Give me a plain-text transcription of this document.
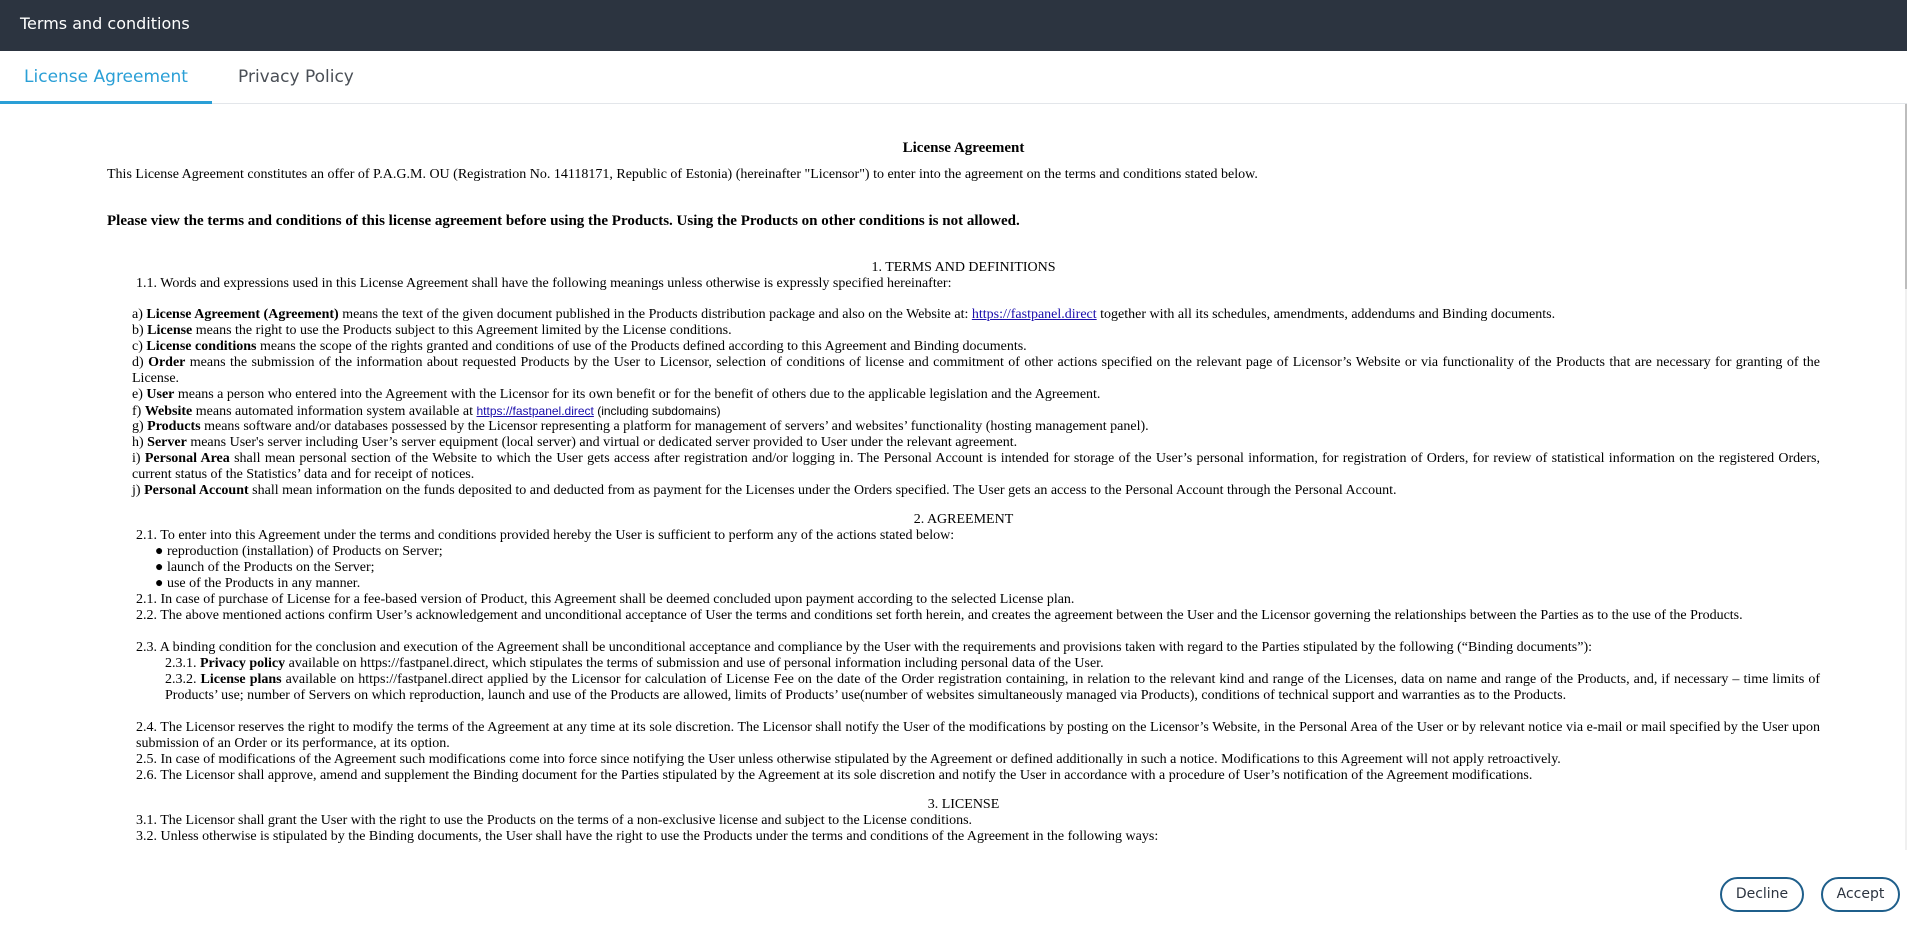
Terms and conditions
License Agreement	Privacy Policy
License Agreement
This License Agreement constitutes an offer of P.A.G.M. OU (Registration No. 14118171, Republic of Estonia) (hereinafter "Licensor") to enter into the agreement on the terms and conditions stated below.
Please view the terms and conditions of this license agreement before using the Products. Using the Products on other conditions is not allowed.
1. TERMS AND DEFINITIONS
1.1. Words and expressions used in this License Agreement shall have the following meanings unless otherwise is expressly specified hereinafter:
a) License Agreement (Agreement) means the text of the given document published in the Products distribution package and also on the Website at: https://fastpanel.direct together with all its schedules, amendments, addendums and Binding documents.
b) License means the right to use the Products subject to this Agreement limited by the License conditions.
c) License conditions means the scope of the rights granted and conditions of use of the Products defined according to this Agreement and Binding documents.
d) Order means the submission of the information about requested Products by the User to Licensor, selection of conditions of license and commitment of other actions specified on the relevant page of Licensor’s Website or via functionality of the Products that are necessary for granting of the License.
e) User means a person who entered into the Agreement with the Licensor for its own benefit or for the benefit of others due to the applicable legislation and the Agreement.
f) Website means automated information system available at https://fastpanel.direct (including subdomains)
g) Products means software and/or databases possessed by the Licensor representing a platform for management of servers’ and websites’ functionality (hosting management panel).
h) Server means User's server including User’s server equipment (local server) and virtual or dedicated server provided to User under the relevant agreement.
i) Personal Area shall mean personal section of the Website to which the User gets access after registration and/or logging in. The Personal Account is intended for storage of the User’s personal information, for registration of Orders, for review of statistical information on the registered Orders, current status of the Statistics’ data and for receipt of notices.
j) Personal Account shall mean information on the funds deposited to and deducted from as payment for the Licenses under the Orders specified. The User gets an access to the Personal Account through the Personal Account.
2. AGREEMENT
2.1. To enter into this Agreement under the terms and conditions provided hereby the User is sufficient to perform any of the actions stated below:
● reproduction (installation) of Products on Server;
● launch of the Products on the Server;
● use of the Products in any manner.
2.1. In case of purchase of License for a fee-based version of Product, this Agreement shall be deemed concluded upon payment according to the selected License plan.
2.2. The above mentioned actions confirm User’s acknowledgement and unconditional acceptance of User the terms and conditions set forth herein, and creates the agreement between the User and the Licensor governing the relationships between the Parties as to the use of the Products.
2.3. A binding condition for the conclusion and execution of the Agreement shall be unconditional acceptance and compliance by the User with the requirements and provisions taken with regard to the Parties stipulated by the following (“Binding documents”):
2.3.1. Privacy policy available on https://fastpanel.direct, which stipulates the terms of submission and use of personal information including personal data of the User.
2.3.2. License plans available on https://fastpanel.direct applied by the Licensor for calculation of License Fee on the date of the Order registration containing, in relation to the relevant kind and range of the Licenses, data on name and range of the Products, and, if necessary – time limits of Products’ use; number of Servers on which reproduction, launch and use of the Products are allowed, limits of Products’ use(number of websites simultaneously managed via Products), conditions of technical support and warranties as to the Products.
2.4. The Licensor reserves the right to modify the terms of the Agreement at any time at its sole discretion. The Licensor shall notify the User of the modifications by posting on the Licensor’s Website, in the Personal Area of the User or by relevant notice via e-mail or mail specified by the User upon submission of an Order or its performance, at its option.
2.5. In case of modifications of the Agreement such modifications come into force since notifying the User unless otherwise stipulated by the Agreement or defined additionally in such a notice. Modifications to this Agreement will not apply retroactively.
2.6. The Licensor shall approve, amend and supplement the Binding document for the Parties stipulated by the Agreement at its sole discretion and notify the User in accordance with a procedure of User’s notification of the Agreement modifications.
3. LICENSE
3.1. The Licensor shall grant the User with the right to use the Products on the terms of a non-exclusive license and subject to the License conditions.
3.2. Unless otherwise is stipulated by the Binding documents, the User shall have the right to use the Products under the terms and conditions of the Agreement in the following ways:
Decline	Accept
